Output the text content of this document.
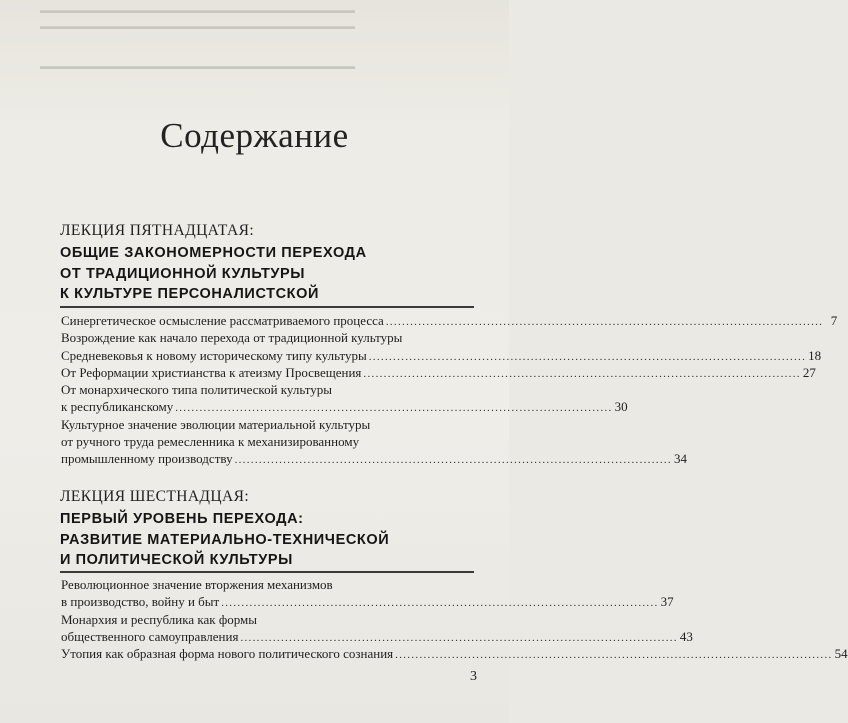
▬▬▬▬▬▬▬▬▬▬▬▬▬▬▬▬▬▬▬▬▬▬▬▬▬▬▬▬▬▬▬▬▬▬▬
▬▬▬▬▬▬▬▬▬▬▬▬▬▬▬▬▬▬▬▬▬▬▬▬▬▬▬▬▬▬▬▬▬▬▬
▬▬▬▬▬▬▬▬▬▬▬▬▬▬▬▬▬▬▬▬▬▬▬▬▬▬▬▬▬▬▬▬▬▬▬
Содержание
ЛЕКЦИЯ ПЯТНАДЦАТАЯ:
ОБЩИЕ ЗАКОНОМЕРНОСТИ ПЕРЕХОДА
ОТ ТРАДИЦИОННОЙ КУЛЬТУРЫ
К КУЛЬТУРЕ ПЕРСОНАЛИСТСКОЙ
Синергетическое осмысление рассматриваемого процесса ............................................................................................................ 7
Возрождение как начало перехода от традиционной культуры
Средневековья к новому историческому типу культуры ............................................................................................................ 18
От Реформации христианства к атеизму Просвещения ............................................................................................................ 27
От монархического типа политической культуры
к республиканскому ............................................................................................................ 30
Культурное значение эволюции материальной культуры
от ручного труда ремесленника к механизированному
промышленному производству ............................................................................................................ 34
ЛЕКЦИЯ ШЕСТНАДЦАЯ:
ПЕРВЫЙ УРОВЕНЬ ПЕРЕХОДА:
РАЗВИТИЕ МАТЕРИАЛЬНО-ТЕХНИЧЕСКОЙ
И ПОЛИТИЧЕСКОЙ КУЛЬТУРЫ
Революционное значение вторжения механизмов
в производство, войну и быт ............................................................................................................ 37
Монархия и республика как формы
общественного самоуправления ............................................................................................................ 43
Утопия как образная форма нового политического сознания ............................................................................................................ 54
3
